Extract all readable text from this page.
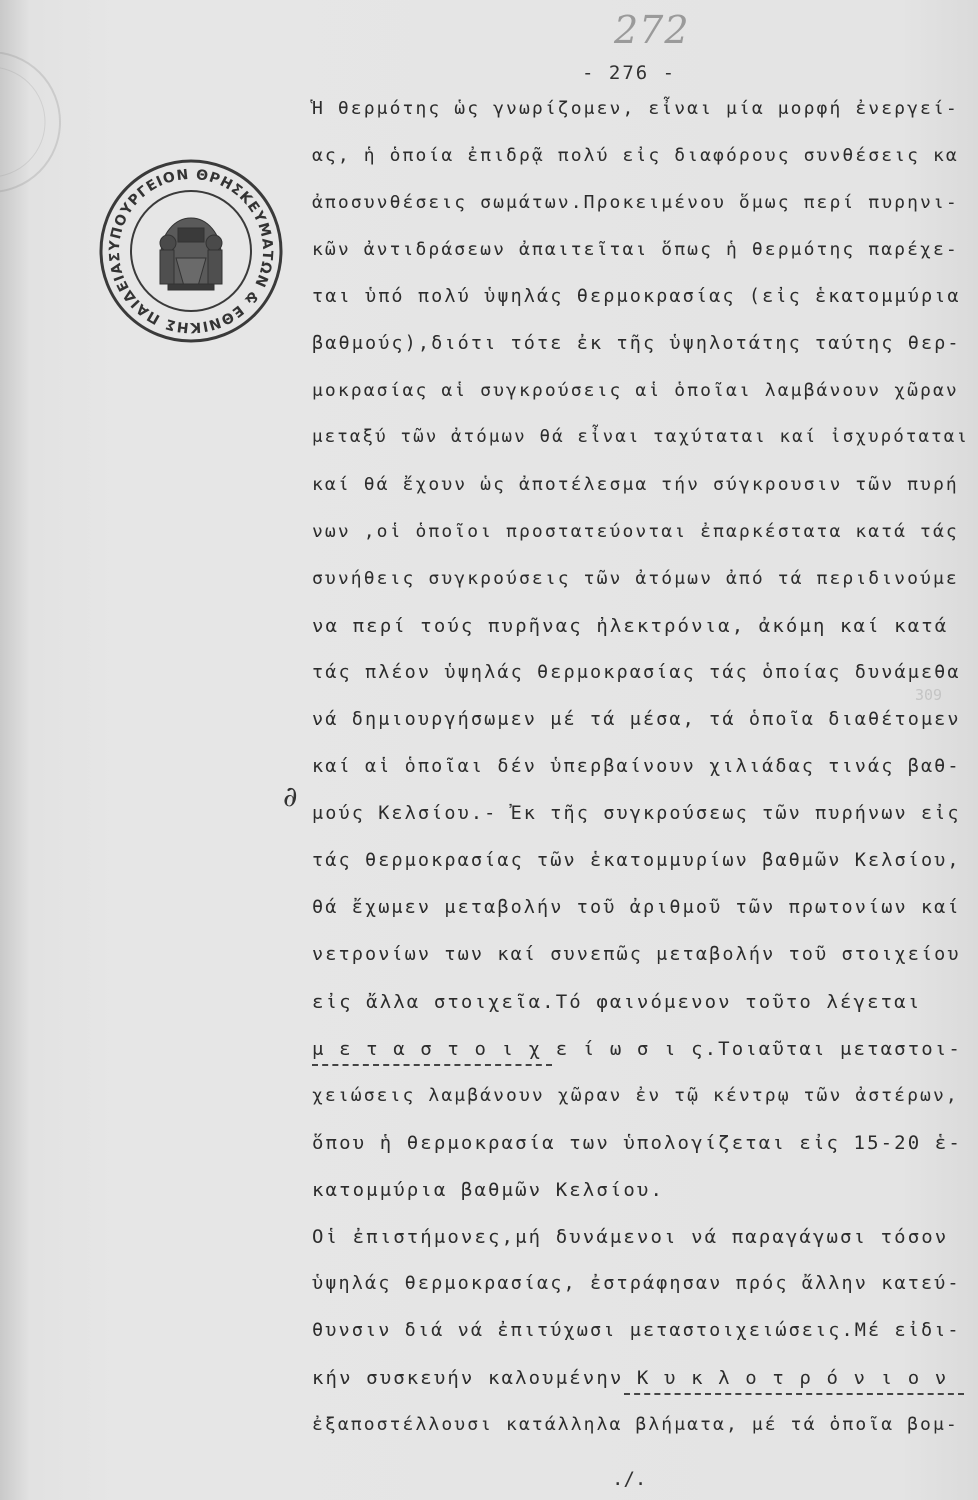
272
- 276 -
ΥΠΟΥΡΓΕΙΟΝ ΘΡΗΣΚΕΥΜΑΤΩΝ & ΕΘΝΙΚΗΣ ΠΑΙΔΕΙΑΣ
∂
309
Ἡ θερμότης ὡς γνωρίζομεν, εἶναι μία μορφή ἐνεργεί-
ας, ἡ ὁποία ἐπιδρᾷ πολύ εἰς διαφόρους συνθέσεις κα
ἀποσυνθέσεις σωμάτων.Προκειμένου ὅμως περί πυρηνι-
κῶν ἀντιδράσεων ἀπαιτεῖται ὅπως ἡ θερμότης παρέχε-
ται ὑπό πολύ ὑψηλάς θερμοκρασίας (εἰς ἑκατομμύρια
βαθμούς),διότι τότε ἐκ τῆς ὑψηλοτάτης ταύτης θερ-
μοκρασίας αἱ συγκρούσεις αἱ ὁποῖαι λαμβάνουν χῶραν
μεταξύ τῶν ἀτόμων θά εἶναι ταχύταται καί ἰσχυρόταται
καί θά ἔχουν ὡς ἀποτέλεσμα τήν σύγκρουσιν τῶν πυρή
νων ,οἱ ὁποῖοι προστατεύονται ἐπαρκέστατα κατά τάς
συνήθεις συγκρούσεις τῶν ἀτόμων ἀπό τά περιδινούμε
να περί τούς πυρῆνας ἠλεκτρόνια, ἀκόμη καί κατά
τάς πλέον ὑψηλάς θερμοκρασίας τάς ὁποίας δυνάμεθα
νά δημιουργήσωμεν μέ τά μέσα, τά ὁποῖα διαθέτομεν
καί αἱ ὁποῖαι δέν ὑπερβαίνουν χιλιάδας τινάς βαθ-
μούς Κελσίου.- Ἐκ τῆς συγκρούσεως τῶν πυρήνων εἰς
τάς θερμοκρασίας τῶν ἑκατομμυρίων βαθμῶν Κελσίου,
θά ἔχωμεν μεταβολήν τοῦ ἀριθμοῦ τῶν πρωτονίων καί
νετρονίων των καί συνεπῶς μεταβολήν τοῦ στοιχείου
εἰς ἄλλα στοιχεῖα.Τό φαινόμενον τοῦτο λέγεται
μ ε τ α σ τ ο ι χ ε ί ω σ ι ς.Τοιαῦται μεταστοι-
χειώσεις λαμβάνουν χῶραν ἐν τῷ κέντρῳ τῶν ἀστέρων,
ὅπου ἡ θερμοκρασία των ὑπολογίζεται εἰς 15-20 ἑ-
κατομμύρια βαθμῶν Κελσίου.
Οἱ ἐπιστήμονες,μή δυνάμενοι νά παραγάγωσι τόσον
ὑψηλάς θερμοκρασίας, ἐστράφησαν πρός ἄλλην κατεύ-
θυνσιν διά νά ἐπιτύχωσι μεταστοιχειώσεις.Μέ εἰδι-
κήν συσκευήν καλουμένην Κ υ κ λ ο τ ρ ό ν ι ο ν
ἐξαποστέλλουσι κατάλληλα βλήματα, μέ τά ὁποῖα βομ-
./.
